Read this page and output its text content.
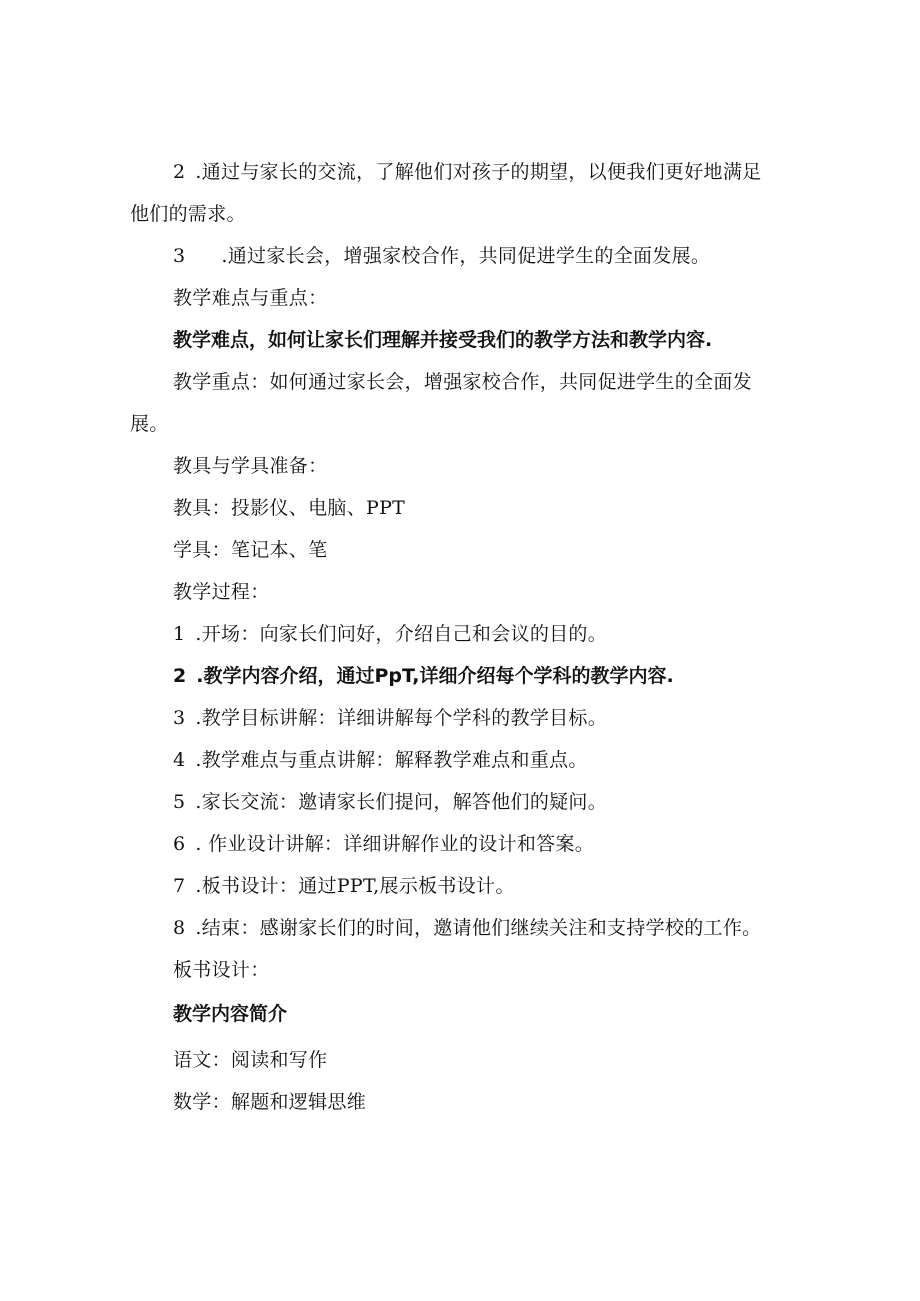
2 .通过与家长的交流，了解他们对孩子的期望，以便我们更好地满足
他们的需求。
3 .通过家长会，增强家校合作，共同促进学生的全面发展。
教学难点与重点：
教学难点，如何让家长们理解并接受我们的教学方法和教学内容.
教学重点：如何通过家长会，增强家校合作，共同促进学生的全面发
展。
教具与学具准备：
教具：投影仪、电脑、PPT
学具：笔记本、笔
教学过程：
1 .开场：向家长们问好，介绍自己和会议的目的。
2 .教学内容介绍，通过PpT,详细介绍每个学科的教学内容.
3 .教学目标讲解：详细讲解每个学科的教学目标。
4 .教学难点与重点讲解：解释教学难点和重点。
5 .家长交流：邀请家长们提问，解答他们的疑问。
6 . 作业设计讲解：详细讲解作业的设计和答案。
7 .板书设计：通过PPT,展示板书设计。
8 .结束：感谢家长们的时间，邀请他们继续关注和支持学校的工作。
板书设计：
教学内容简介
语文：阅读和写作
数学：解题和逻辑思维
